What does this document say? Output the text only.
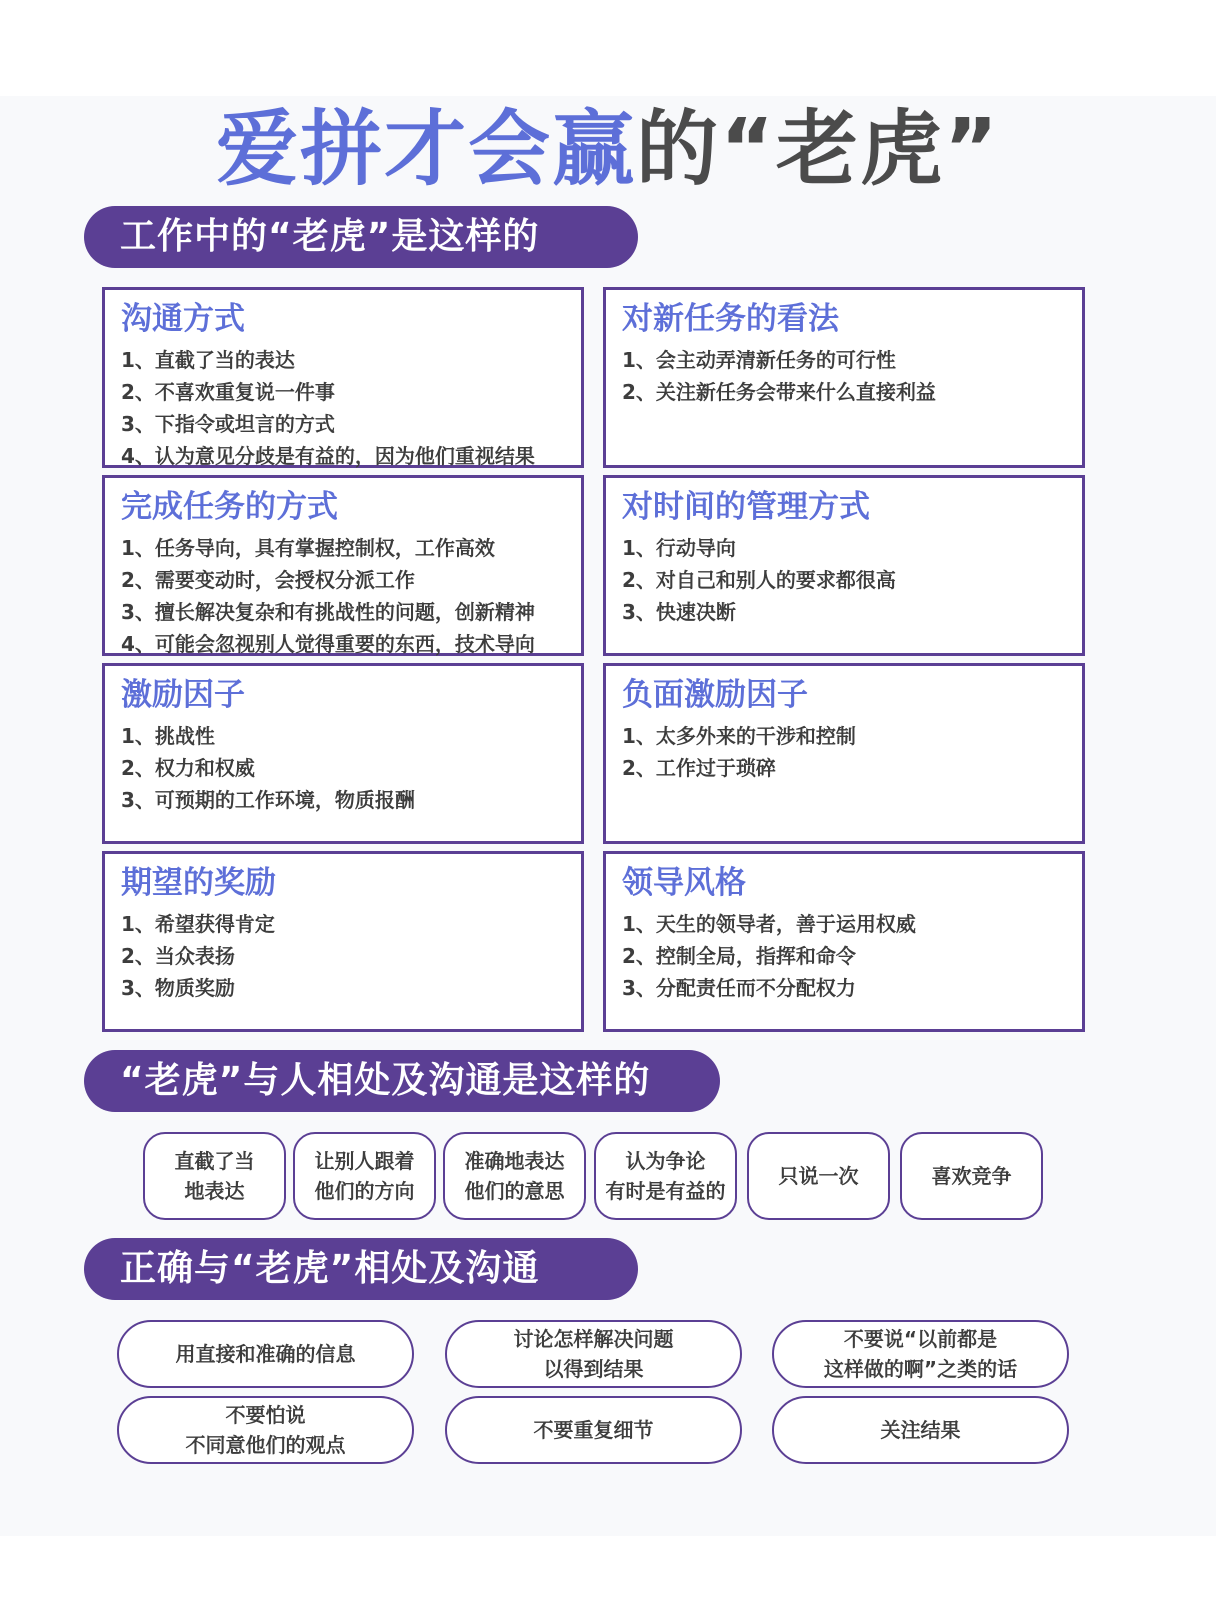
爱拼才会赢的“老虎”
工作中的“老虎”是这样的
沟通方式
1、直截了当的表达
2、不喜欢重复说一件事
3、下指令或坦言的方式
4、认为意见分歧是有益的，因为他们重视结果
对新任务的看法
1、会主动弄清新任务的可行性
2、关注新任务会带来什么直接利益
完成任务的方式
1、任务导向，具有掌握控制权，工作高效
2、需要变动时，会授权分派工作
3、擅长解决复杂和有挑战性的问题，创新精神
4、可能会忽视别人觉得重要的东西，技术导向
对时间的管理方式
1、行动导向
2、对自己和别人的要求都很高
3、快速决断
激励因子
1、挑战性
2、权力和权威
3、可预期的工作环境，物质报酬
负面激励因子
1、太多外来的干涉和控制
2、工作过于琐碎
期望的奖励
1、希望获得肯定
2、当众表扬
3、物质奖励
领导风格
1、天生的领导者，善于运用权威
2、控制全局，指挥和命令
3、分配责任而不分配权力
“老虎”与人相处及沟通是这样的
直截了当
地表达
让别人跟着
他们的方向
准确地表达
他们的意思
认为争论
有时是有益的
只说一次	喜欢竞争
正确与“老虎”相处及沟通
用直接和准确的信息
讨论怎样解决问题
以得到结果
不要说“以前都是
这样做的啊”之类的话
不要怕说
不同意他们的观点
不要重复细节	关注结果
